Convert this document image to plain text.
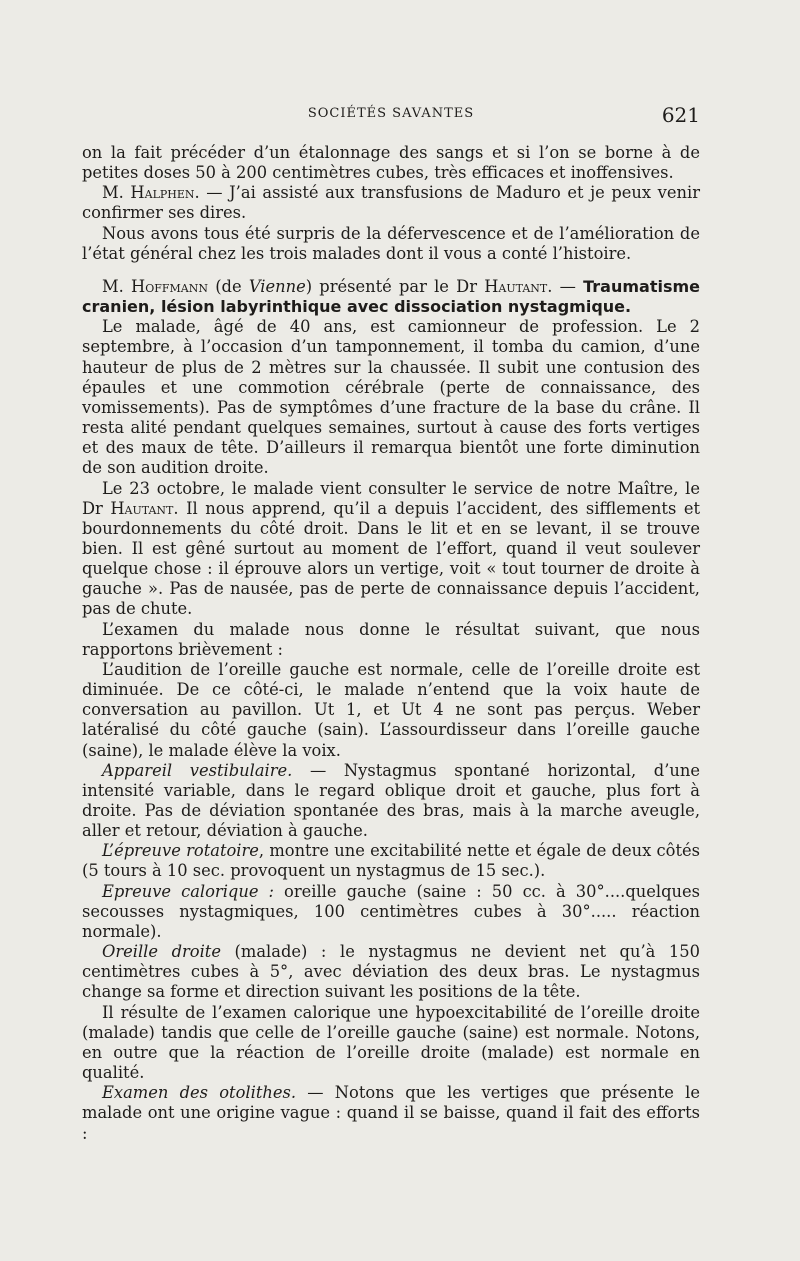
SOCIÉTÉS SAVANTES	621

on la fait précéder d’un étalonnage des sangs et si l’on se borne à de petites doses 50 à 200 centimètres cubes, très efficaces et inoffensives.

M. Halphen. — J’ai assisté aux transfusions de Maduro et je peux venir confirmer ses dires.

Nous avons tous été surpris de la défervescence et de l’amélioration de l’état général chez les trois malades dont il vous a conté l’histoire.

M. Hoffmann (de Vienne) présenté par le Dr Hautant. — Traumatisme cranien, lésion labyrinthique avec dissociation nystagmique.

Le malade, âgé de 40 ans, est camionneur de profession. Le 2 septembre, à l’occasion d’un tamponnement, il tomba du camion, d’une hauteur de plus de 2 mètres sur la chaussée. Il subit une contusion des épaules et une commotion cérébrale (perte de connaissance, des vomissements). Pas de symptômes d’une fracture de la base du crâne. Il resta alité pendant quelques semaines, surtout à cause des forts vertiges et des maux de tête. D’ailleurs il remarqua bientôt une forte diminution de son audition droite.

Le 23 octobre, le malade vient consulter le service de notre Maître, le Dr Hautant. Il nous apprend, qu’il a depuis l’accident, des sifflements et bourdonnements du côté droit. Dans le lit et en se levant, il se trouve bien. Il est gêné surtout au moment de l’effort, quand il veut soulever quelque chose : il éprouve alors un vertige, voit « tout tourner de droite à gauche ». Pas de nausée, pas de perte de connaissance depuis l’accident, pas de chute.

L’examen du malade nous donne le résultat suivant, que nous rapportons brièvement :

L’audition de l’oreille gauche est normale, celle de l’oreille droite est diminuée. De ce côté-ci, le malade n’entend que la voix haute de conversation au pavillon. Ut 1, et Ut 4 ne sont pas perçus. Weber latéralisé du côté gauche (sain). L’assourdisseur dans l’oreille gauche (saine), le malade élève la voix.

Appareil vestibulaire. — Nystagmus spontané horizontal, d’une intensité variable, dans le regard oblique droit et gauche, plus fort à droite. Pas de déviation spontanée des bras, mais à la marche aveugle, aller et retour, déviation à gauche.

L’épreuve rotatoire, montre une excitabilité nette et égale de deux côtés (5 tours à 10 sec. provoquent un nystagmus de 15 sec.).

Epreuve calorique : oreille gauche (saine : 50 cc. à 30°....quelques secousses nystagmiques, 100 centimètres cubes à 30°..... réaction normale).

Oreille droite (malade) : le nystagmus ne devient net qu’à 150 centimètres cubes à 5°, avec déviation des deux bras. Le nystagmus change sa forme et direction suivant les positions de la tête.

Il résulte de l’examen calorique une hypoexcitabilité de l’oreille droite (malade) tandis que celle de l’oreille gauche (saine) est normale. Notons, en outre que la réaction de l’oreille droite (malade) est normale en qualité.

Examen des otolithes. — Notons que les vertiges que présente le malade ont une origine vague : quand il se baisse, quand il fait des efforts :
